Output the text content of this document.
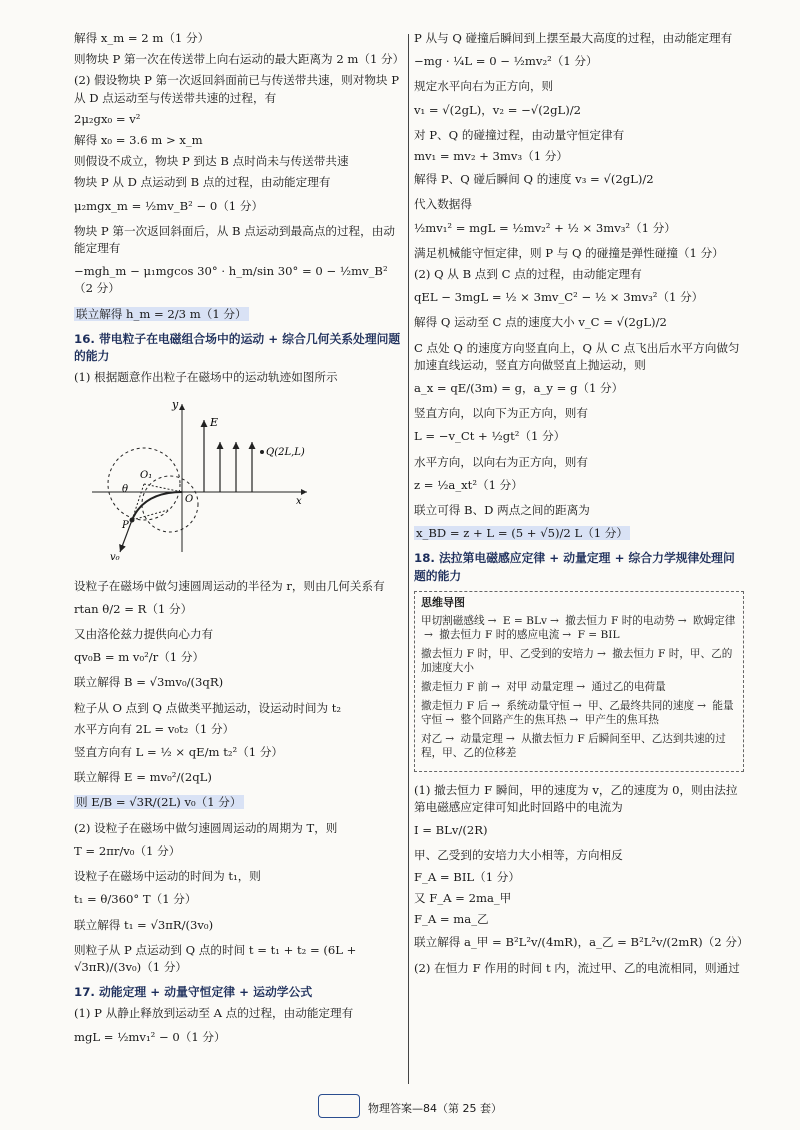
解得 x_m = 2 m（1 分）

则物块 P 第一次在传送带上向右运动的最大距离为 2 m（1 分）

(2) 假设物块 P 第一次返回斜面前已与传送带共速，则对物块 P 从 D 点运动至与传送带共速的过程，有

2μ₂gx₀ = v²

解得 x₀ = 3.6 m > x_m

则假设不成立，物块 P 到达 B 点时尚未与传送带共速

物块 P 从 D 点运动到 B 点的过程，由动能定理有

μ₂mgx_m = ½mv_B² − 0（1 分）

物块 P 第一次返回斜面后，从 B 点运动到最高点的过程，由动能定理有

−mgh_m − μ₁mgcos 30° · h_m/sin 30° = 0 − ½mv_B²（2 分）

联立解得 h_m = 2/3 m（1 分）

16. 带电粒子在电磁组合场中的运动 + 综合几何关系处理问题的能力

(1) 根据题意作出粒子在磁场中的运动轨迹如图所示

y
E
Q(2L,L)
O₁
θ
O	x
P
v₀

设粒子在磁场中做匀速圆周运动的半径为 r，则由几何关系有

rtan θ/2 = R（1 分）

又由洛伦兹力提供向心力有

qv₀B = m v₀²/r（1 分）

联立解得 B = √3mv₀/(3qR)

粒子从 O 点到 Q 点做类平抛运动，设运动时间为 t₂

水平方向有 2L = v₀t₂（1 分）

竖直方向有 L = ½ × qE/m t₂²（1 分）

联立解得 E = mv₀²/(2qL)

则 E/B = √3R/(2L) v₀（1 分）

(2) 设粒子在磁场中做匀速圆周运动的周期为 T，则

T = 2πr/v₀（1 分）

设粒子在磁场中运动的时间为 t₁，则

t₁ = θ/360° T（1 分）

联立解得 t₁ = √3πR/(3v₀)

则粒子从 P 点运动到 Q 点的时间 t = t₁ + t₂ = (6L + √3πR)/(3v₀)（1 分）

17. 动能定理 + 动量守恒定律 + 运动学公式

(1) P 从静止释放到运动至 A 点的过程，由动能定理有

mgL = ½mv₁² − 0（1 分）

P 从与 Q 碰撞后瞬间到上摆至最大高度的过程，由动能定理有

−mg · ¼L = 0 − ½mv₂²（1 分）

规定水平向右为正方向，则

v₁ = √(2gL)，v₂ = −√(2gL)/2

对 P、Q 的碰撞过程，由动量守恒定律有

mv₁ = mv₂ + 3mv₃（1 分）

解得 P、Q 碰后瞬间 Q 的速度 v₃ = √(2gL)/2

代入数据得

½mv₁² = mgL = ½mv₂² + ½ × 3mv₃²（1 分）

满足机械能守恒定律，则 P 与 Q 的碰撞是弹性碰撞（1 分）

(2) Q 从 B 点到 C 点的过程，由动能定理有

qEL − 3mgL = ½ × 3mv_C² − ½ × 3mv₃²（1 分）

解得 Q 运动至 C 点的速度大小 v_C = √(2gL)/2

C 点处 Q 的速度方向竖直向上，Q 从 C 点飞出后水平方向做匀加速直线运动，竖直方向做竖直上抛运动，则

a_x = qE/(3m) = g，a_y = g（1 分）

竖直方向，以向下为正方向，则有

L = −v_Ct + ½gt²（1 分）

水平方向，以向右为正方向，则有

z = ½a_xt²（1 分）

联立可得 B、D 两点之间的距离为

x_BD = z + L = (5 + √5)/2 L（1 分）

18. 法拉第电磁感应定律 + 动量定理 + 综合力学规律处理问题的能力

思维导图
甲切割磁感线 → E = BLv → 撤去恒力 F 时的电动势 → 欧姆定律→ 撤去恒力 F 时的感应电流 → F = BIL
撤去恒力 F 时，甲、乙受到的安培力 → 撤去恒力 F 时，甲、乙的加速度大小
撤走恒力 F 前 → 对甲 动量定理 → 通过乙的电荷量
撤走恒力 F 后 → 系统动量守恒 → 甲、乙最终共同的速度 → 能量守恒 → 整个回路产生的焦耳热 → 甲产生的焦耳热
对乙 → 动量定理 → 从撤去恒力 F 后瞬间至甲、乙达到共速的过程，甲、乙的位移差

(1) 撤去恒力 F 瞬间，甲的速度为 v，乙的速度为 0，则由法拉第电磁感应定律可知此时回路中的电流为

I = BLv/(2R)

甲、乙受到的安培力大小相等，方向相反

F_A = BIL（1 分）

又 F_A = 2ma_甲

F_A = ma_乙

联立解得 a_甲 = B²L²v/(4mR)，a_乙 = B²L²v/(2mR)（2 分）

(2) 在恒力 F 作用的时间 t 内，流过甲、乙的电流相同，则通过

物理答案—84（第 25 套）
